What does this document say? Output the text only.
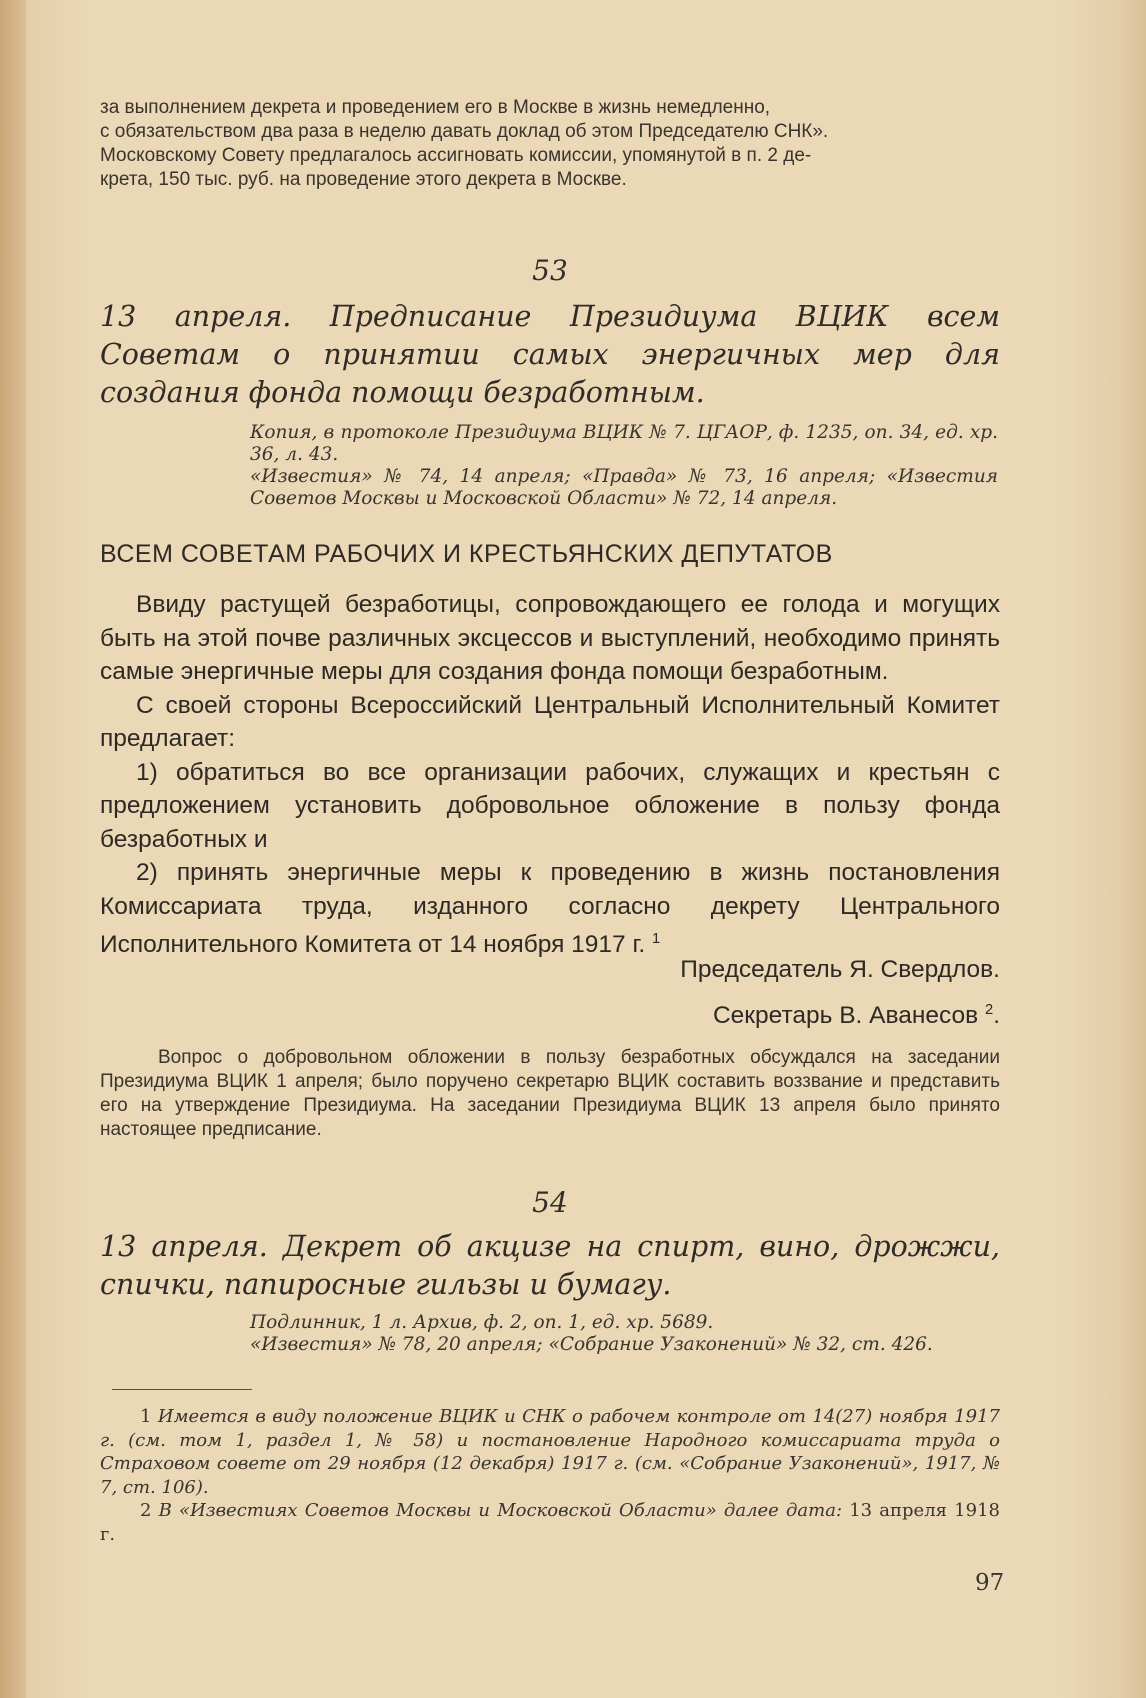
за выполнением декрета и проведением его в Москве в жизнь немедленно,
с обязательством два раза в неделю давать доклад об этом Председателю СНК».
Московскому Совету предлагалось ассигновать комиссии, упомянутой в п. 2 де-
крета, 150 тыс. руб. на проведение этого декрета в Москве.
53
13 апреля. Предписание Президиума ВЦИК всем Советам о принятии самых энергичных мер для создания фонда помощи безработным.
Копия, в протоколе Президиума ВЦИК № 7. ЦГАОР, ф. 1235, оп. 34, ед. хр. 36, л. 43.
«Известия» № 74, 14 апреля; «Правда» № 73, 16 апреля; «Известия Советов Москвы и Московской Области» № 72, 14 апреля.
ВСЕМ СОВЕТАМ РАБОЧИХ И КРЕСТЬЯНСКИХ ДЕПУТАТОВ

Ввиду растущей безработицы, сопровождающего ее голода и могущих быть на этой почве различных эксцессов и выступлений, необходимо принять самые энергичные меры для создания фонда помощи безработным.

С своей стороны Всероссийский Центральный Исполнительный Комитет предлагает:

1) обратиться во все организации рабочих, служащих и крестьян с предложением установить добровольное обложение в пользу фонда безработных и

2) принять энергичные меры к проведению в жизнь постановления Комиссариата труда, изданного согласно декрету Центрального Исполнительного Комитета от 14 ноября 1917 г. $^1$

Председатель Я. Свердлов.
Секретарь В. Аванесов $^2$.
Вопрос о добровольном обложении в пользу безработных обсуждался на заседании Президиума ВЦИК 1 апреля; было поручено секретарю ВЦИК составить воззвание и представить его на утверждение Президиума. На заседании Президиума ВЦИК 13 апреля было принято настоящее предписание.
54
13 апреля. Декрет об акцизе на спирт, вино, дрожжи, спички, папиросные гильзы и бумагу.
Подлинник, 1 л. Архив, ф. 2, оп. 1, ед. хр. 5689.
«Известия» № 78, 20 апреля; «Собрание Узаконений» № 32, ст. 426.

1 Имеется в виду положение ВЦИК и СНК о рабочем контроле от 14(27) ноября 1917 г. (см. том 1, раздел 1, № 58) и постановление Народного комиссариата труда о Страховом совете от 29 ноября (12 декабря) 1917 г. (см. «Собрание Узаконений», 1917, № 7, ст. 106).

2 В «Известиях Советов Москвы и Московской Области» далее дата: 13 апреля 1918 г.

97
